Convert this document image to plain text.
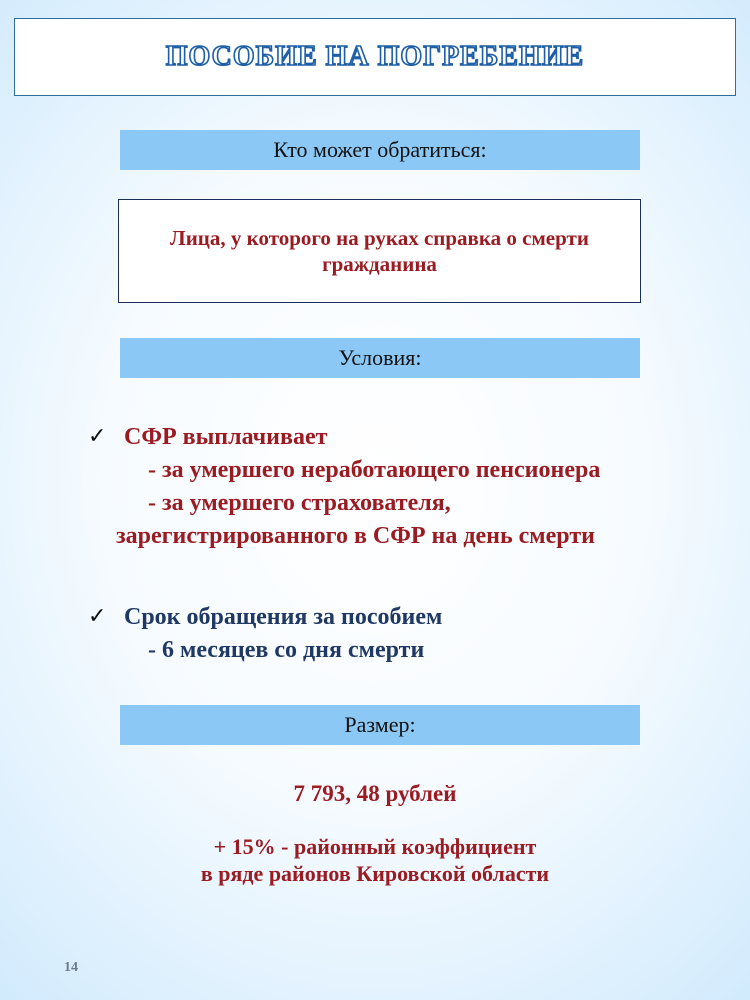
ПОСОБИЕ НА ПОГРЕБЕНИЕ
Кто может обратиться:
Лица, у которого на руках справка о смерти
гражданина
Условия:
✓ СФР выплачивает
- за умершего неработающего пенсионера
- за умершего страхователя,
зарегистрированного в СФР на день смерти
✓ Срок обращения за пособием
- 6 месяцев со дня смерти
Размер:
7 793, 48 рублей
+ 15% - районный коэффициент
в ряде районов Кировской области
14
